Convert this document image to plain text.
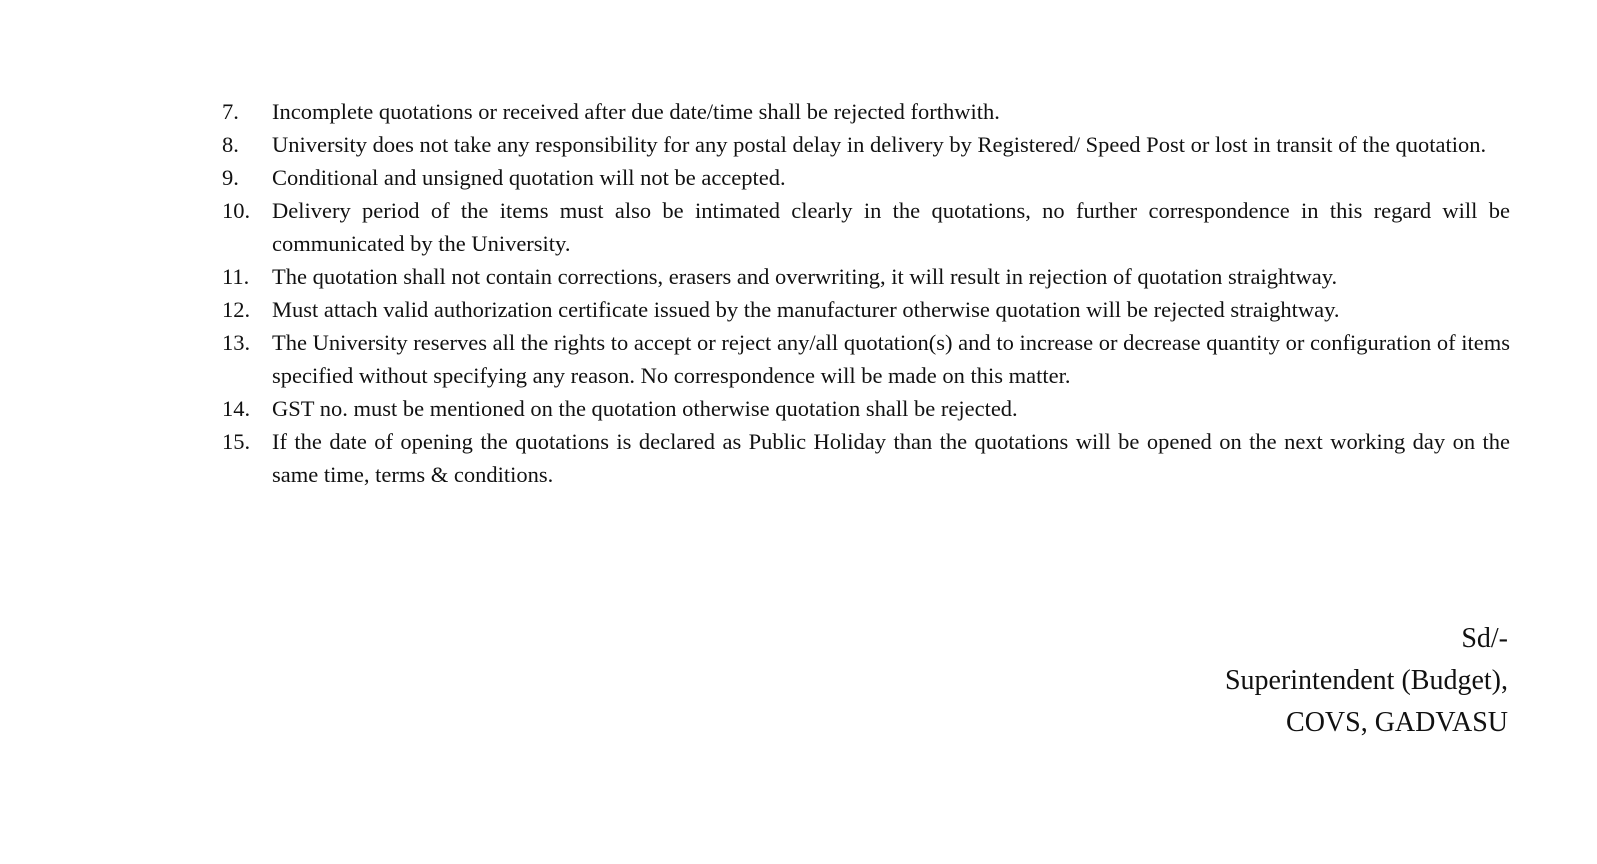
7.	Incomplete quotations or received after due date/time shall be rejected forthwith.
8.	University does not take any responsibility for any postal delay in delivery by Registered/ Speed Post or lost in transit of the quotation.
9.	Conditional and unsigned quotation will not be accepted.
10. Delivery period of the items must also be intimated clearly in the quotations, no further correspondence in this regard will be communicated by the University.
11.	The quotation shall not contain corrections, erasers and overwriting, it will result in rejection of quotation straightway.
12. Must attach valid authorization certificate issued by the manufacturer otherwise quotation will be rejected straightway.
13. The University reserves all the rights to accept or reject any/all quotation(s) and to increase or decrease quantity or configuration of items specified without specifying any reason. No correspondence will be made on this matter.
14. GST no. must be mentioned on the quotation otherwise quotation shall be rejected.
15. If the date of opening the quotations is declared as Public Holiday than the quotations will be opened on the next working day on the same time, terms & conditions.
Sd/-
Superintendent (Budget),
COVS, GADVASU
